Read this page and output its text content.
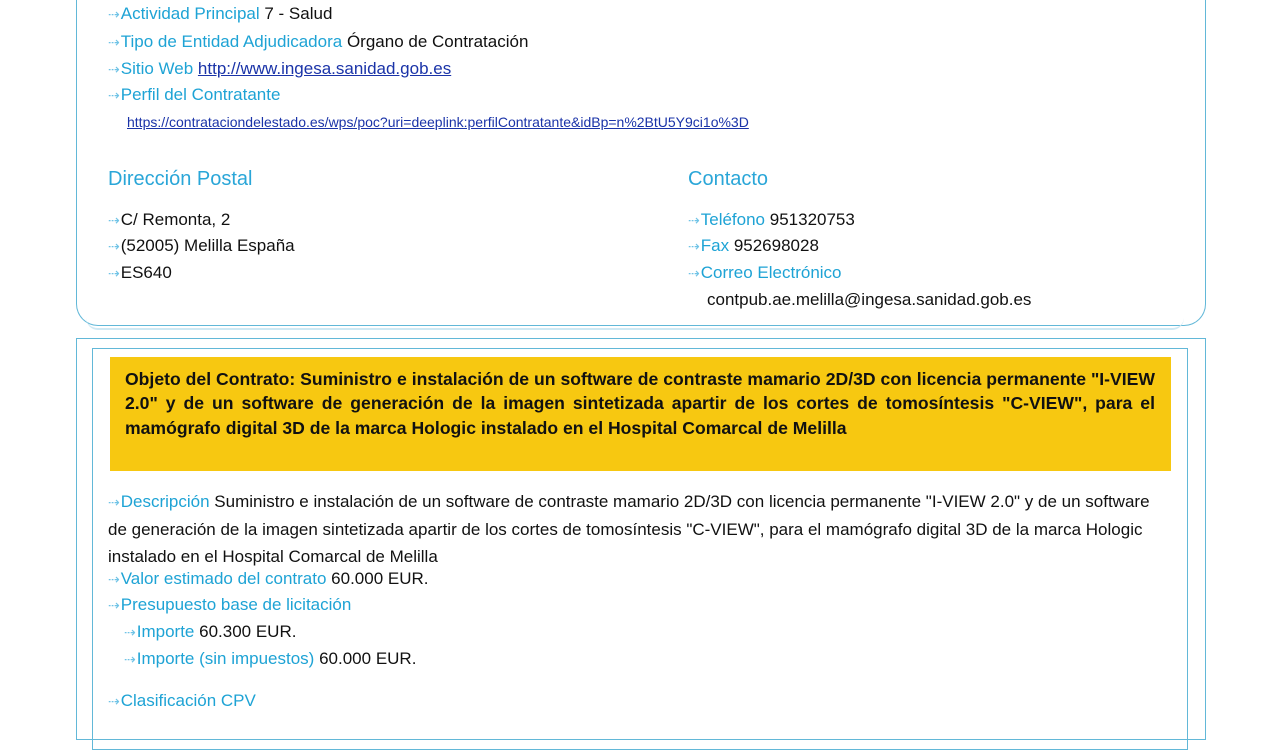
⇢Actividad Principal 7 - Salud
⇢Tipo de Entidad Adjudicadora Órgano de Contratación
⇢Sitio Web http://www.ingesa.sanidad.gob.es
⇢Perfil del Contratante
https://contrataciondelestado.es/wps/poc?uri=deeplink:perfilContratante&idBp=n%2BtU5Y9ci1o%3D
Dirección Postal
⇢C/ Remonta, 2
⇢(52005) Melilla España
⇢ES640
Contacto
⇢Teléfono 951320753
⇢Fax 952698028
⇢Correo Electrónico
contpub.ae.melilla@ingesa.sanidad.gob.es

Objeto del Contrato: Suministro e instalación de un software de contraste mamario 2D/3D con licencia permanente "I-VIEW 2.0" y de un software de generación de la imagen sintetizada apartir de los cortes de tomosíntesis "C-VIEW", para el mamógrafo digital 3D de la marca Hologic instalado en el Hospital Comarcal de Melilla

⇢Descripción Suministro e instalación de un software de contraste mamario 2D/3D con licencia permanente "I-VIEW 2.0" y de un software de generación de la imagen sintetizada apartir de los cortes de tomosíntesis "C-VIEW", para el mamógrafo digital 3D de la marca Hologic instalado en el Hospital Comarcal de Melilla
⇢Valor estimado del contrato 60.000 EUR.
⇢Presupuesto base de licitación
⇢Importe 60.300 EUR.
⇢Importe (sin impuestos) 60.000 EUR.
⇢Clasificación CPV
